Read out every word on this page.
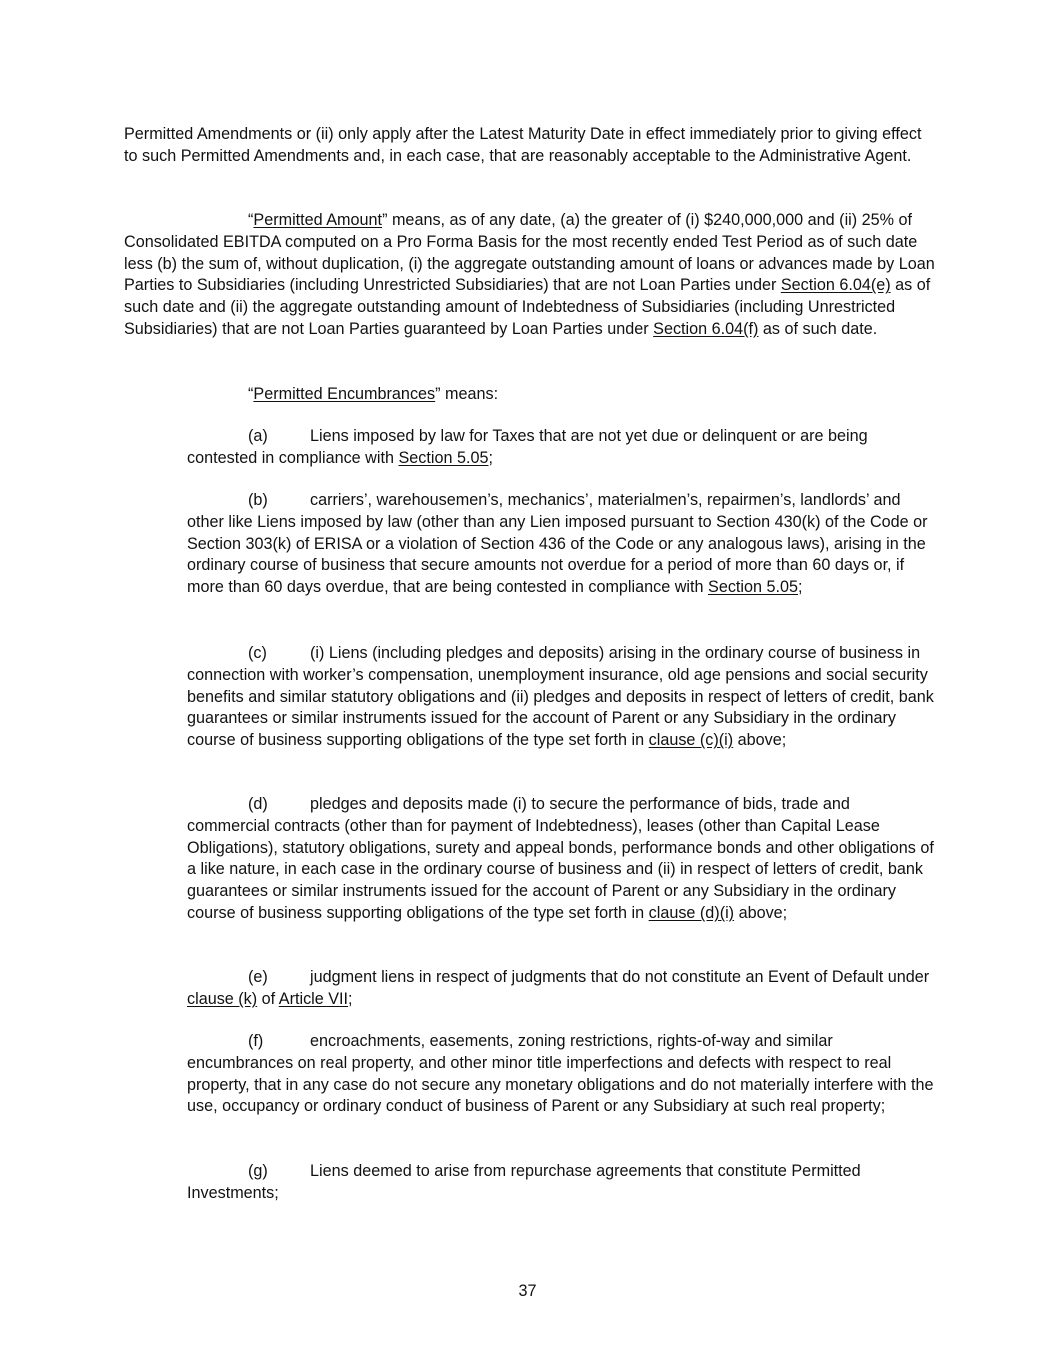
Permitted Amendments or (ii) only apply after the Latest Maturity Date in effect immediately prior to giving effect to such Permitted Amendments and, in each case, that are reasonably acceptable to the Administrative Agent.

“Permitted Amount” means, as of any date, (a) the greater of (i) $240,000,000 and (ii) 25% of Consolidated EBITDA computed on a Pro Forma Basis for the most recently ended Test Period as of such date less (b) the sum of, without duplication, (i) the aggregate outstanding amount of loans or advances made by Loan Parties to Subsidiaries (including Unrestricted Subsidiaries) that are not Loan Parties under Section 6.04(e) as of such date and (ii) the aggregate outstanding amount of Indebtedness of Subsidiaries (including Unrestricted Subsidiaries) that are not Loan Parties guaranteed by Loan Parties under Section 6.04(f) as of such date.

“Permitted Encumbrances” means:

(a)	Liens imposed by law for Taxes that are not yet due or delinquent or are being contested in compliance with Section 5.05;

(b)	carriers’, warehousemen’s, mechanics’, materialmen’s, repairmen’s, landlords’ and other like Liens imposed by law (other than any Lien imposed pursuant to Section 430(k) of the Code or Section 303(k) of ERISA or a violation of Section 436 of the Code or any analogous laws), arising in the ordinary course of business that secure amounts not overdue for a period of more than 60 days or, if more than 60 days overdue, that are being contested in compliance with Section 5.05;

(c)	(i) Liens (including pledges and deposits) arising in the ordinary course of business in connection with worker’s compensation, unemployment insurance, old age pensions and social security benefits and similar statutory obligations and (ii) pledges and deposits in respect of letters of credit, bank guarantees or similar instruments issued for the account of Parent or any Subsidiary in the ordinary course of business supporting obligations of the type set forth in clause (c)(i) above;

(d)	pledges and deposits made (i) to secure the performance of bids, trade and commercial contracts (other than for payment of Indebtedness), leases (other than Capital Lease Obligations), statutory obligations, surety and appeal bonds, performance bonds and other obligations of a like nature, in each case in the ordinary course of business and (ii) in respect of letters of credit, bank guarantees or similar instruments issued for the account of Parent or any Subsidiary in the ordinary course of business supporting obligations of the type set forth in clause (d)(i) above;

(e)	judgment liens in respect of judgments that do not constitute an Event of Default under clause (k) of Article VII;

(f)	encroachments, easements, zoning restrictions, rights-of-way and similar encumbrances on real property, and other minor title imperfections and defects with respect to real property, that in any case do not secure any monetary obligations and do not materially interfere with the use, occupancy or ordinary conduct of business of Parent or any Subsidiary at such real property;

(g)	Liens deemed to arise from repurchase agreements that constitute Permitted Investments;

37
